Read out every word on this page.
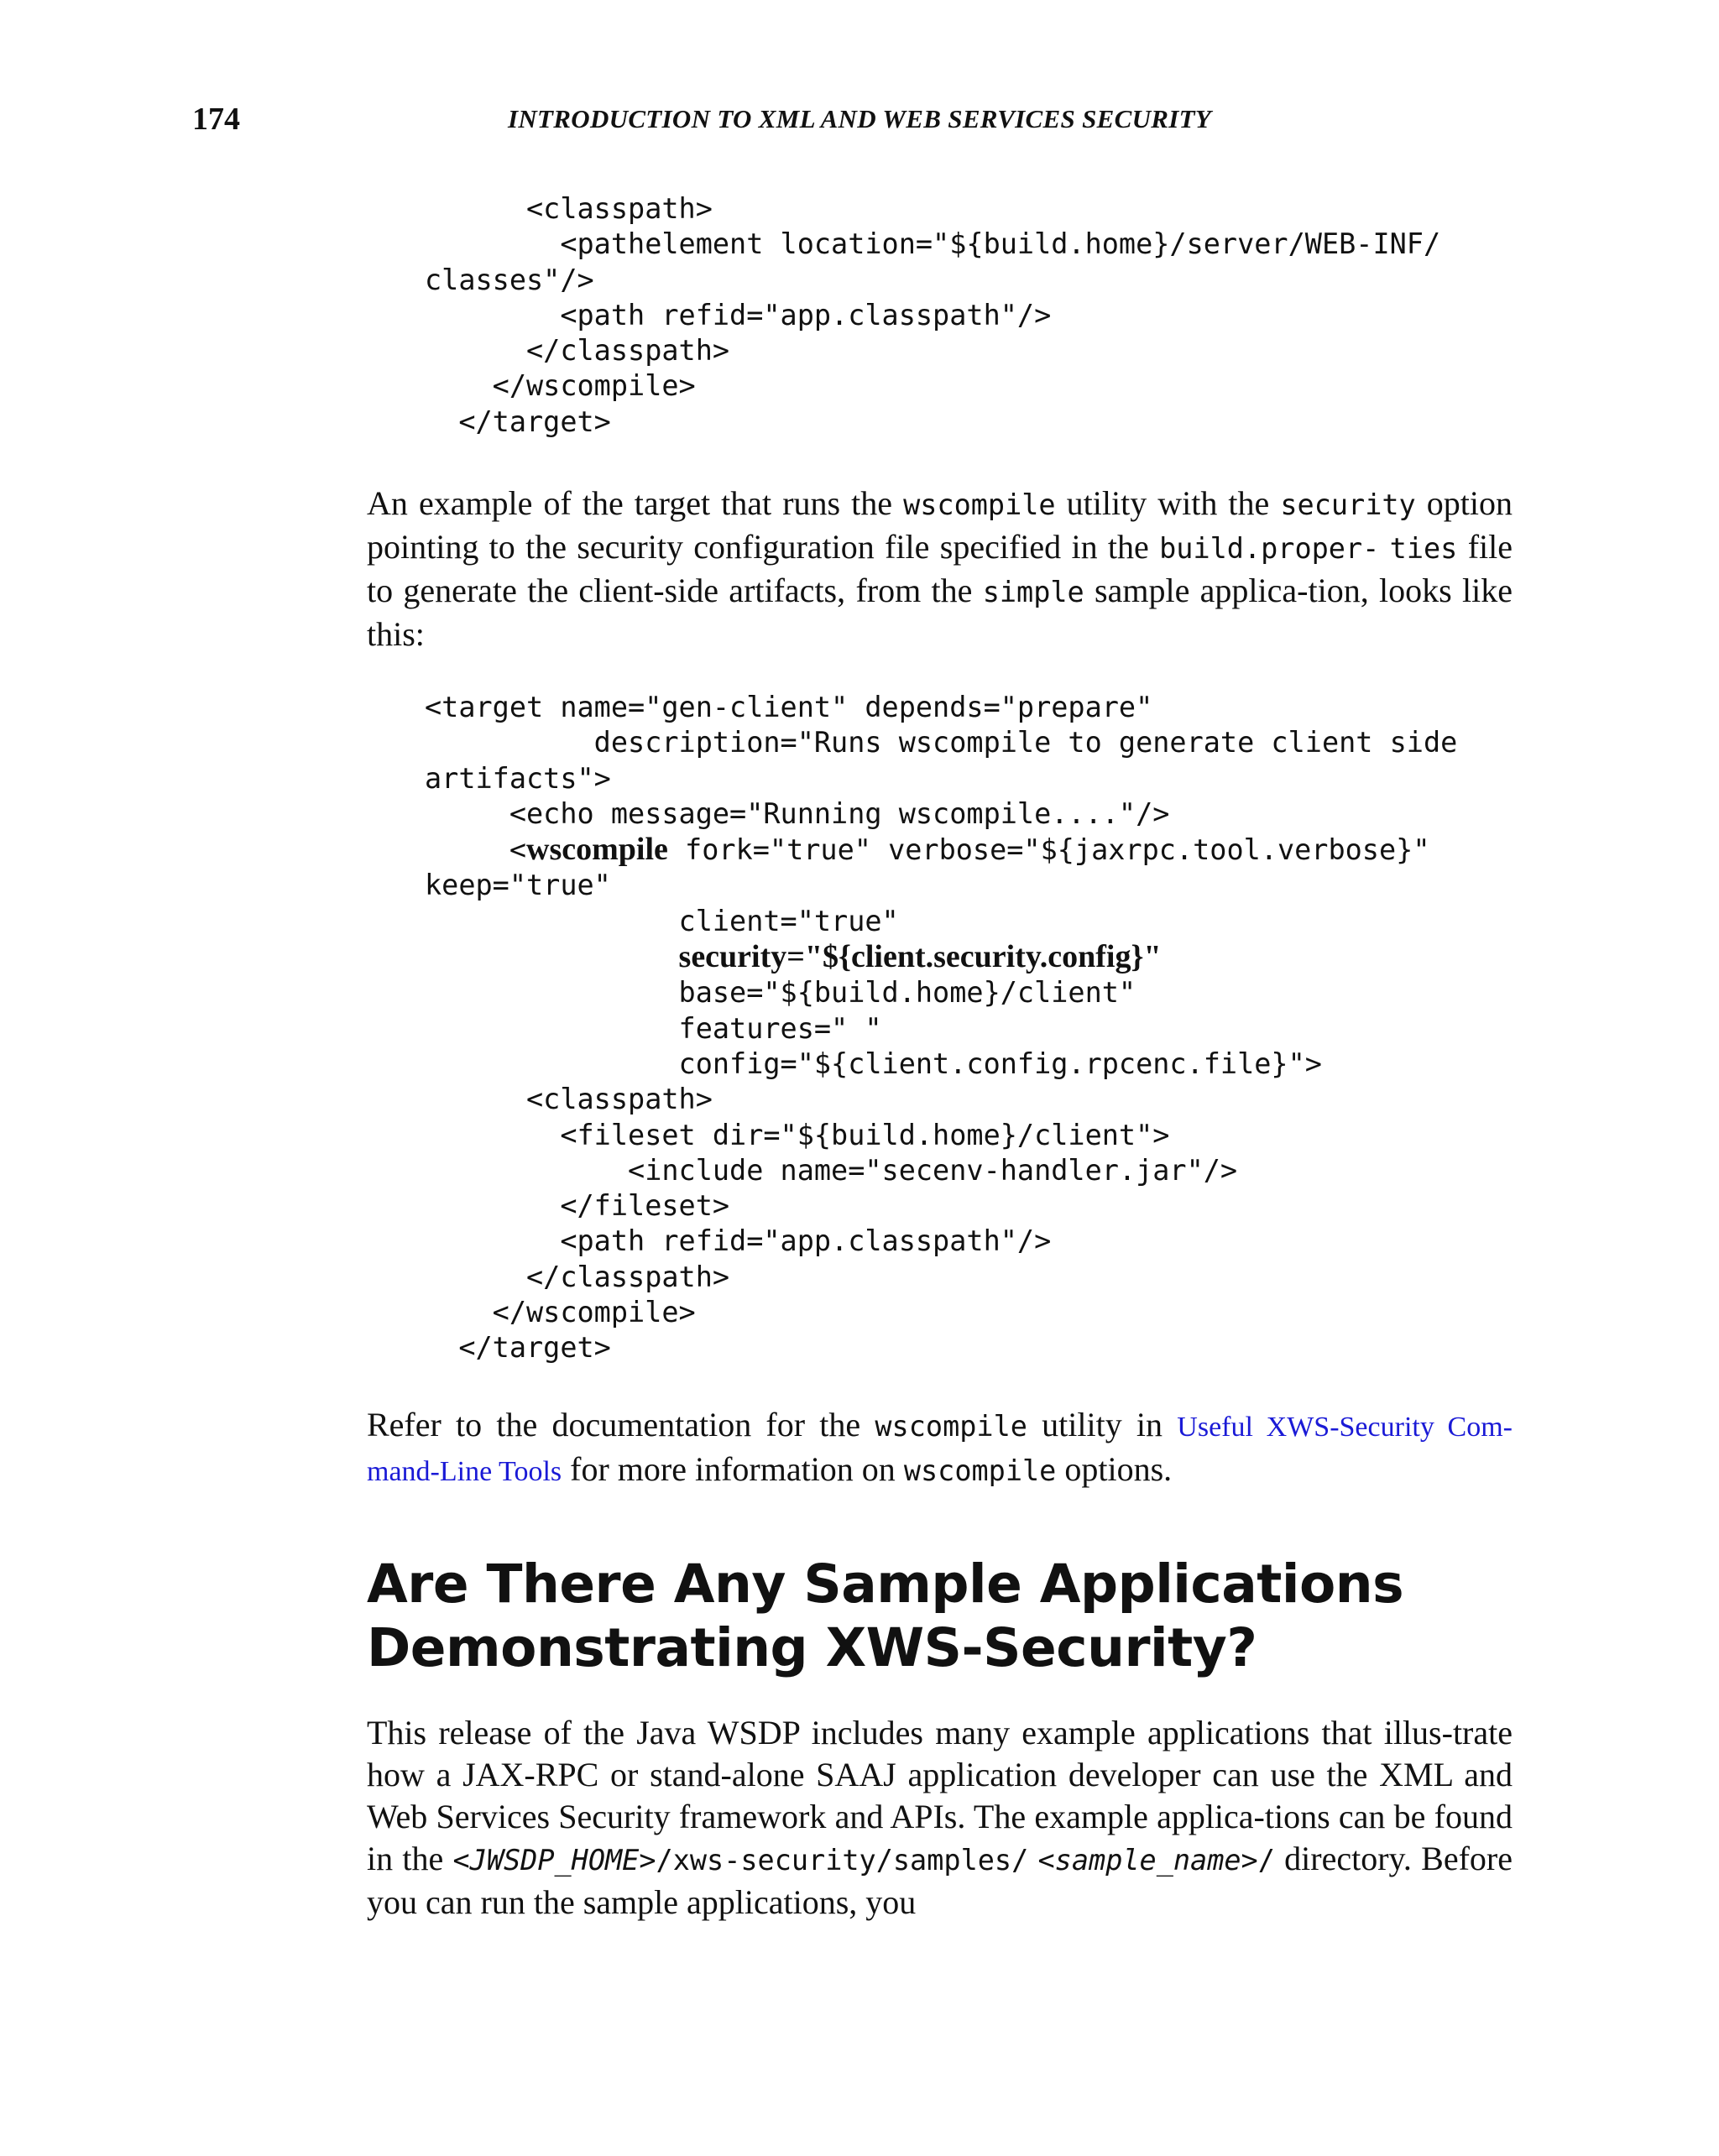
174	INTRODUCTION TO XML AND WEB SERVICES SECURITY
<classpath>
<pathelement location="${build.home}/server/WEB-INF/
classes"/>
<path refid="app.classpath"/>
</classpath>
</wscompile>
</target>

An example of the target that runs the wscompile utility with the security option pointing to the security configuration file specified in the build.proper- ties file to generate the client-side artifacts, from the simple sample applica-tion, looks like this:

<target name="gen-client" depends="prepare"
description="Runs wscompile to generate client side
artifacts">
<echo message="Running wscompile...."/>
<wscompile fork="true" verbose="${jaxrpc.tool.verbose}"
keep="true"
client="true"
security="${client.security.config}"
base="${build.home}/client"
features=" "
config="${client.config.rpcenc.file}">
<classpath>
<fileset dir="${build.home}/client">
<include name="secenv-handler.jar"/>
</fileset>
<path refid="app.classpath"/>
</classpath>
</wscompile>
</target>

Refer to the documentation for the wscompile utility in Useful XWS-Security Com-mand-Line Tools for more information on wscompile options.

Are There Any Sample Applications
Demonstrating XWS-Security?

This release of the Java WSDP includes many example applications that illus-trate how a JAX-RPC or stand-alone SAAJ application developer can use the XML and Web Services Security framework and APIs. The example applica-tions can be found in the <JWSDP_HOME>/xws-security/samples/ <sample_name>/ directory. Before you can run the sample applications, you
